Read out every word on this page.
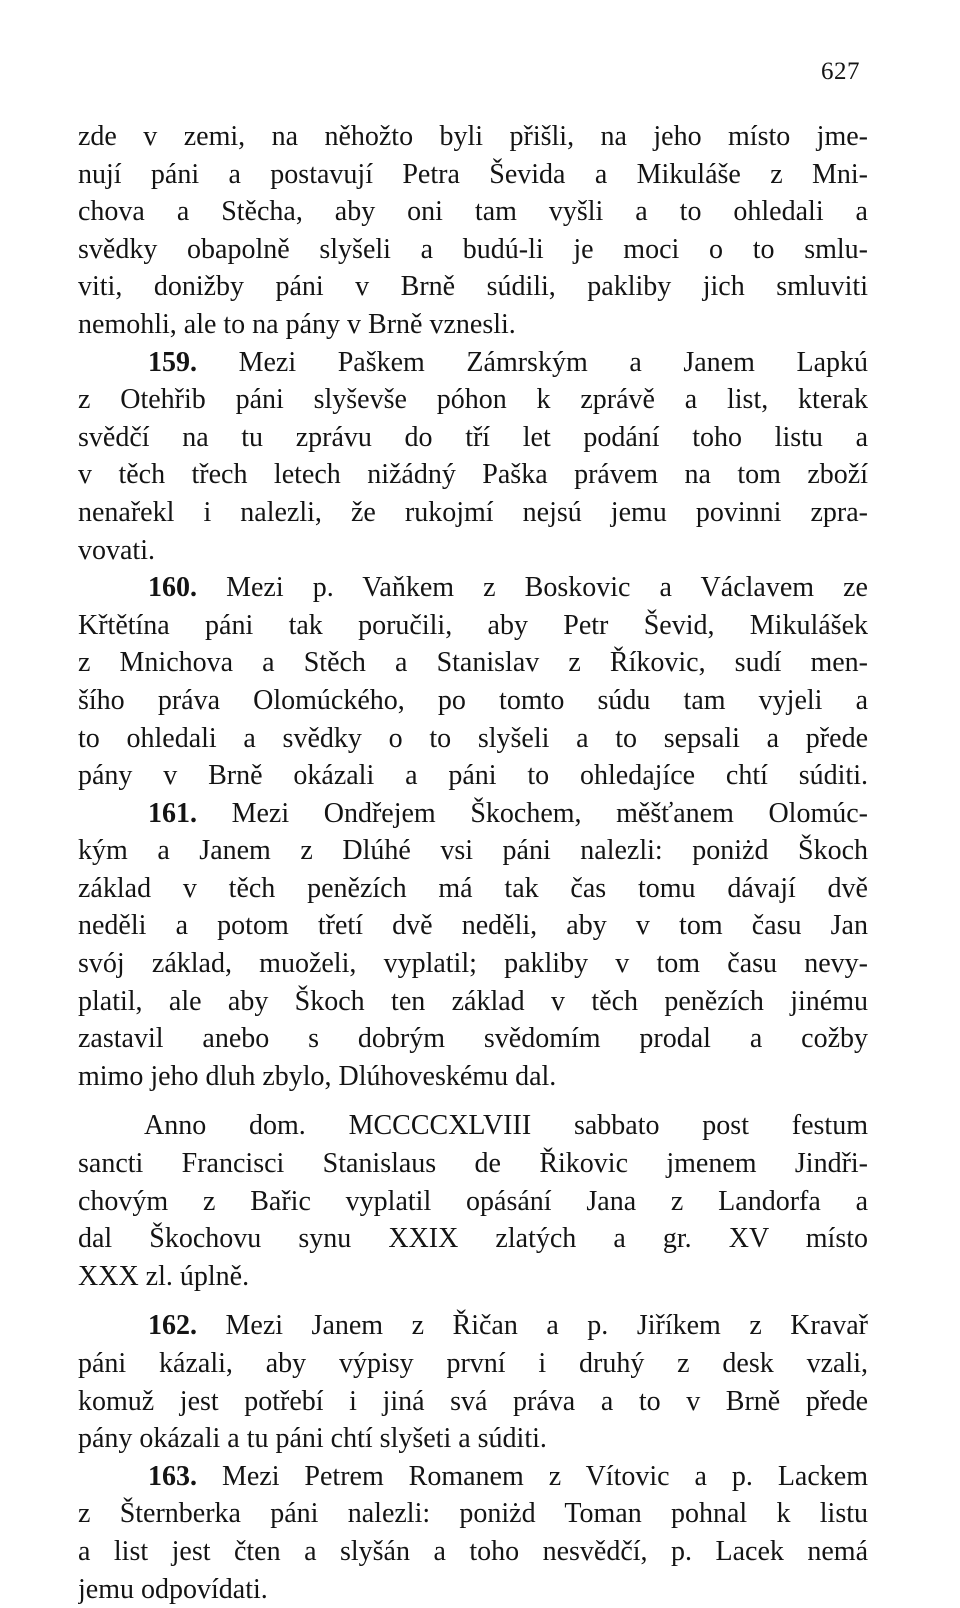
627
zde v zemi, na něhožto byli přišli, na jeho místo jme-
nují páni a postavují Petra Ševida a Mikuláše z Mni-
chova a Stěcha, aby oni tam vyšli a to ohledali a
svědky obapolně slyšeli a budú-li je moci o to smlu-
viti, donižby páni v Brně súdili, pakliby jich smluviti
nemohli, ale to na pány v Brně vznesli.
159. Mezi Paškem Zámrským a Janem Lapkú
z Otehřib páni slyševše póhon k zprávě a list, kterak
svědčí na tu zprávu do tří let podání toho listu a
v těch třech letech nižádný Paška právem na tom zboží
nenařekl i nalezli, že rukojmí nejsú jemu povinni zpra-
vovati.
160. Mezi p. Vaňkem z Boskovic a Václavem ze
Křtětína páni tak poručili, aby Petr Ševid, Mikulášek
z Mnichova a Stěch a Stanislav z Říkovic, sudí men-
šího práva Olomúckého, po tomto súdu tam vyjeli a
to ohledali a svědky o to slyšeli a to sepsali a přede
pány v Brně okázali a páni to ohledajíce chtí súditi.
161. Mezi Ondřejem Škochem, měšťanem Olomúc-
kým a Janem z Dlúhé vsi páni nalezli: poniżd Škoch
základ v těch penězích má tak čas tomu dávají dvě
neděli a potom třetí dvě neděli, aby v tom času Jan
svój základ, muoželi, vyplatil; pakliby v tom času nevy-
platil, ale aby Škoch ten základ v těch penězích jinému
zastavil anebo s dobrým svědomím prodal a cožby
mimo jeho dluh zbylo, Dlúhoveskému dal.
Anno dom. MCCCCXLVIII sabbato post festum
sancti Francisci Stanislaus de Řikovic jmenem Jindři-
chovým z Bařic vyplatil opásání Jana z Landorfa a
dal Škochovu synu XXIX zlatých a gr. XV místo
XXX zl. úplně.
162. Mezi Janem z Řičan a p. Jiříkem z Kravař
páni kázali, aby výpisy první i druhý z desk vzali,
komuž jest potřebí i jiná svá práva a to v Brně přede
pány okázali a tu páni chtí slyšeti a súditi.
163. Mezi Petrem Romanem z Vítovic a p. Lackem
z Šternberka páni nalezli: poniżd Toman pohnal k listu
a list jest čten a slyšán a toho nesvědčí, p. Lacek nemá
jemu odpovídati.
